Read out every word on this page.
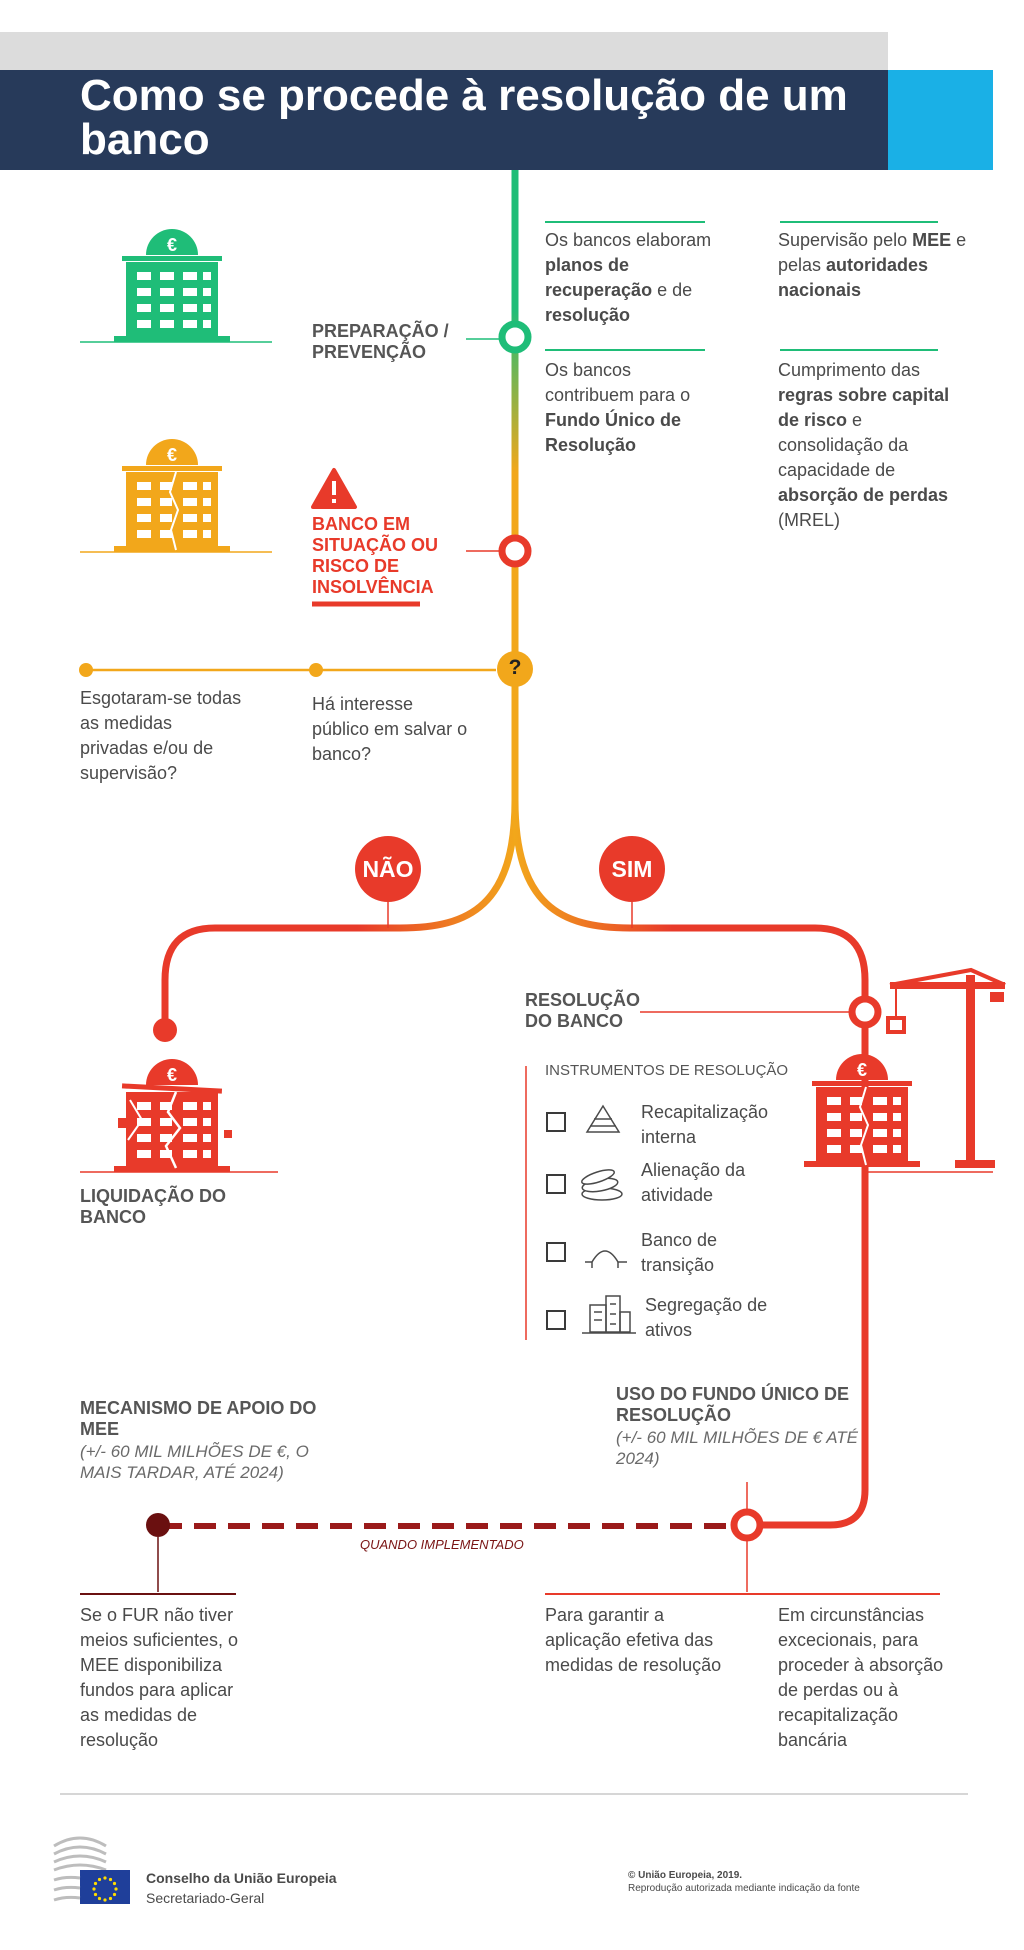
Como se procede à resolução de um banco
€
€
€	€
PREPARAÇÃO / PREVENÇÃO
Os bancos elaboram planos de recuperação e de resolução
Os bancos contribuem para o Fundo Único de Resolução
Supervisão pelo MEE e pelas autoridades nacionais
Cumprimento das regras sobre capital de risco e consolidação da capacidade de absorção de perdas (MREL)
BANCO EM SITUAÇÃO OU RISCO DE INSOLVÊNCIA
?
Esgotaram-se todas as medidas privadas e/ou de supervisão?
Há interesse público em salvar o banco?
NÃO	SIM
LIQUIDAÇÃO DO BANCO
RESOLUÇÃO DO BANCO
INSTRUMENTOS DE RESOLUÇÃO
Recapitalização interna
Alienação da atividade
Banco de transição
Segregação de ativos
MECANISMO DE APOIO DO MEE
(+/- 60 MIL MILHÕES DE €, O MAIS TARDAR, ATÉ 2024)
USO DO FUNDO ÚNICO DE RESOLUÇÃO
(+/- 60 MIL MILHÕES DE € ATÉ 2024)
QUANDO IMPLEMENTADO
Se o FUR não tiver meios suficientes, o MEE disponibiliza fundos para aplicar as medidas de resolução
Para garantir a aplicação efetiva das medidas de resolução
Em circunstâncias excecionais, para proceder à absorção de perdas ou à recapitalização bancária
Conselho da União Europeia
Secretariado-Geral
© União Europeia, 2019.
Reprodução autorizada mediante indicação da fonte
